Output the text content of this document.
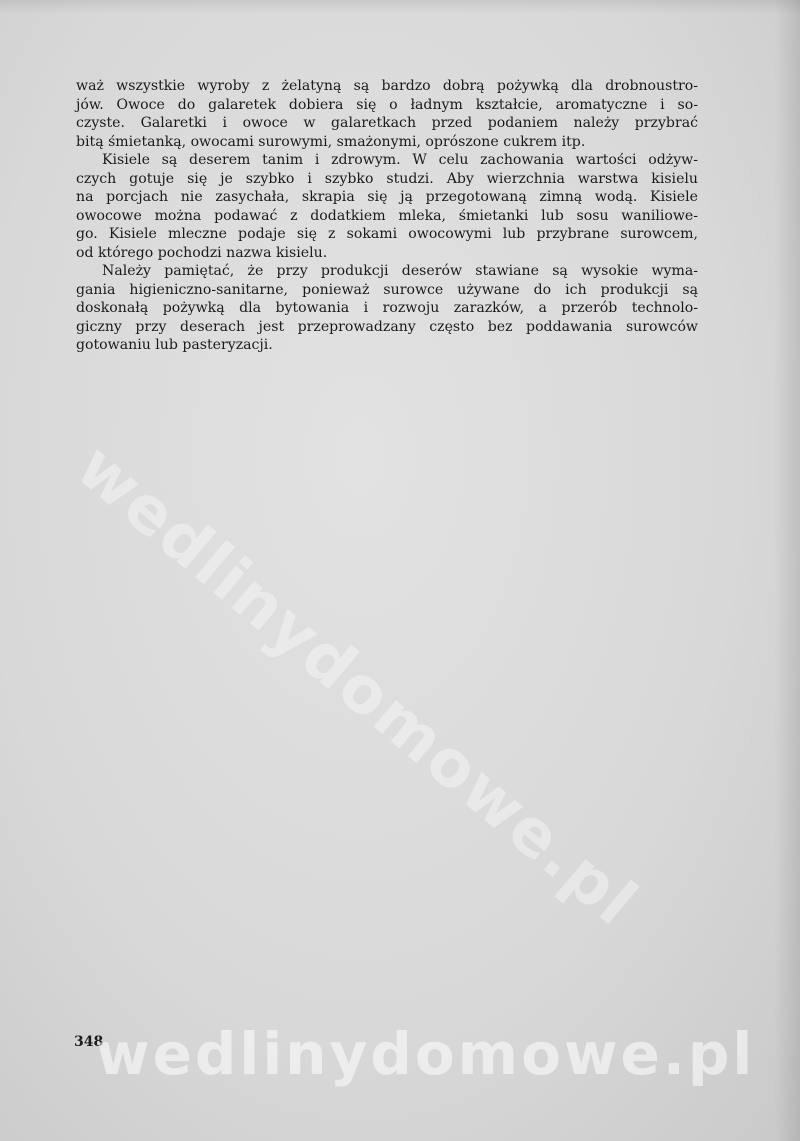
wedlinydomowe.pl
waż wszystkie wyroby z żelatyną są bardzo dobrą pożywką dla drobnoustro-
jów. Owoce do galaretek dobiera się o ładnym kształcie, aromatyczne i so-
czyste. Galaretki i owoce w galaretkach przed podaniem należy przybrać
bitą śmietanką, owocami surowymi, smażonymi, oprószone cukrem itp.
Kisiele są deserem tanim i zdrowym. W celu zachowania wartości odżyw-
czych gotuje się je szybko i szybko studzi. Aby wierzchnia warstwa kisielu
na porcjach nie zasychała, skrapia się ją przegotowaną zimną wodą. Kisiele
owocowe można podawać z dodatkiem mleka, śmietanki lub sosu waniliowe-
go. Kisiele mleczne podaje się z sokami owocowymi lub przybrane surowcem,
od którego pochodzi nazwa kisielu.
Należy pamiętać, że przy produkcji deserów stawiane są wysokie wyma-
gania higieniczno-sanitarne, ponieważ surowce używane do ich produkcji są
doskonałą pożywką dla bytowania i rozwoju zarazków, a przerób technolo-
giczny przy deserach jest przeprowadzany często bez poddawania surowców
gotowaniu lub pasteryzacji.
348
wedlinydomowe.pl
